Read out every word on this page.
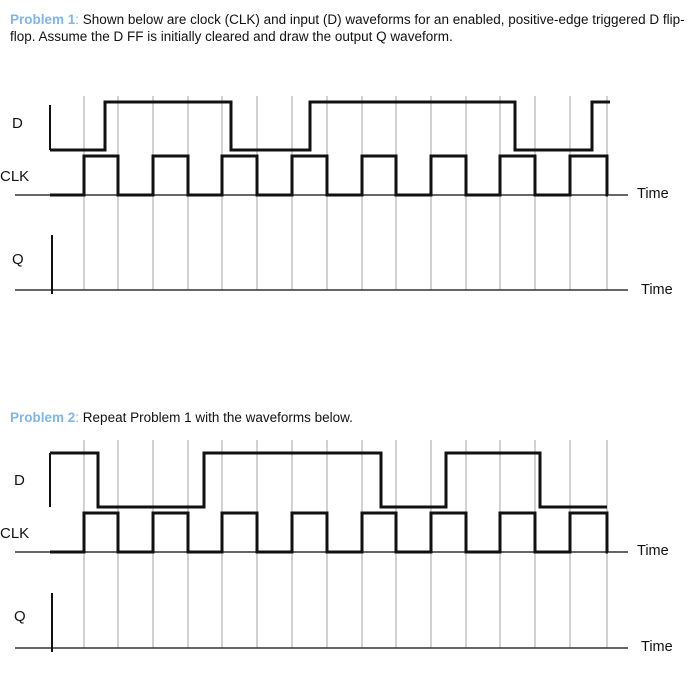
Problem 1: Shown below are clock (CLK) and input (D) waveforms for an enabled, positive-edge triggered D flip-flop. Assume the D FF is initially cleared and draw the output Q waveform.
Problem 2: Repeat Problem 1 with the waveforms below.
D
CLK
Q
Time
Time
D
CLK
Q
Time
Time
